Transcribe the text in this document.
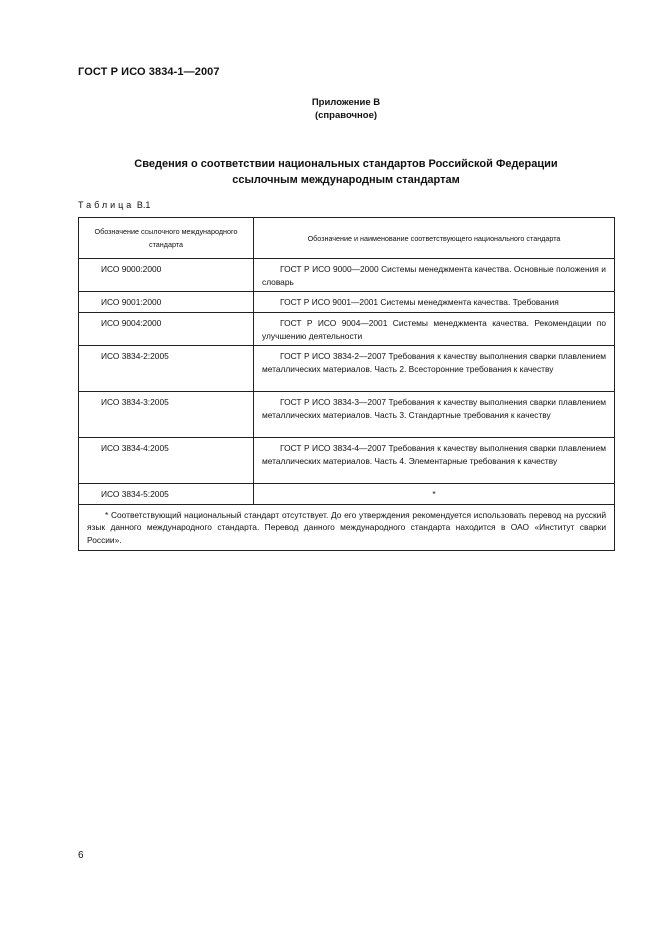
ГОСТ Р ИСО 3834-1—2007
Приложение В
(справочное)
Сведения о соответствии национальных стандартов Российской Федерации
ссылочным международным стандартам
Таблица В.1
Обозначение ссылочного международного стандарта	Обозначение и наименование соответствующего национального стандарта
ИСО 9000:2000	ГОСТ Р ИСО 9000—2000 Системы менеджмента качества. Основные положения и словарь
ИСО 9001:2000	ГОСТ Р ИСО 9001—2001 Системы менеджмента качества. Требования
ИСО 9004:2000	ГОСТ Р ИСО 9004—2001 Системы менеджмента качества. Рекомендации по улучшению деятельности
ИСО 3834-2:2005	ГОСТ Р ИСО 3834-2—2007 Требования к качеству выполнения сварки плавлением металлических материалов. Часть 2. Всесторонние требования к качеству
ИСО 3834-3:2005	ГОСТ Р ИСО 3834-3—2007 Требования к качеству выполнения сварки плавлением металлических материалов. Часть 3. Стандартные требования к качеству
ИСО 3834-4:2005	ГОСТ Р ИСО 3834-4—2007 Требования к качеству выполнения сварки плавлением металлических материалов. Часть 4. Элементарные требования к качеству
ИСО 3834-5:2005	*
* Соответствующий национальный стандарт отсутствует. До его утверждения рекомендуется использовать перевод на русский язык данного международного стандарта. Перевод данного международного стандарта находится в ОАО «Институт сварки России».	
6
